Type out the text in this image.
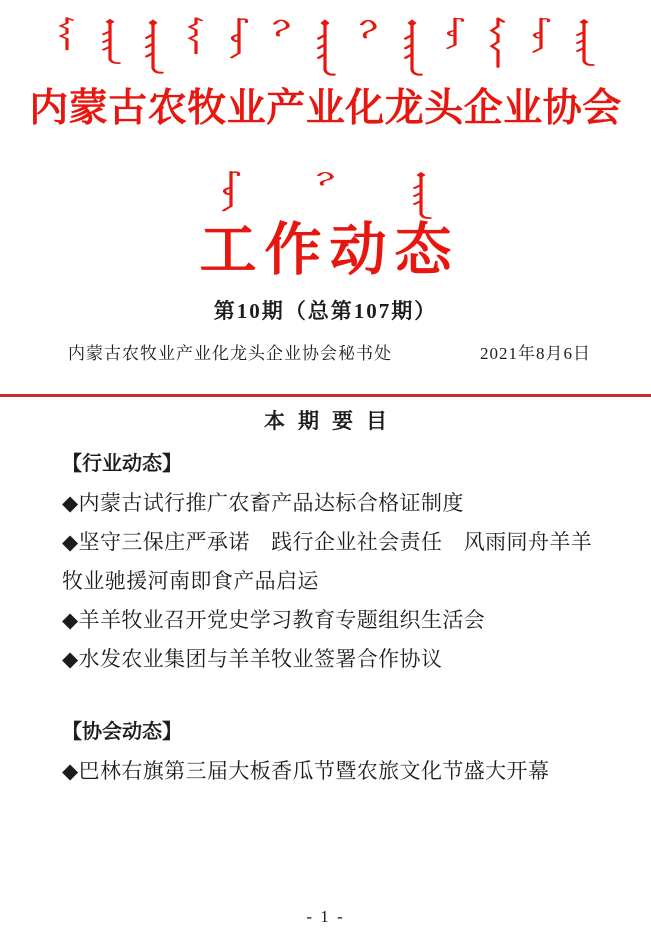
内蒙古农牧业产业化龙头企业协会
工作动态
第10期（总第107期）
内蒙古农牧业产业化龙头企业协会秘书处	2021年8月6日
本期要目
【行业动态】
◆内蒙古试行推广农畜产品达标合格证制度
◆坚守三保庄严承诺　践行企业社会责任　风雨同舟羊羊牧业驰援河南即食产品启运
◆羊羊牧业召开党史学习教育专题组织生活会
◆水发农业集团与羊羊牧业签署合作协议
【协会动态】
◆巴林右旗第三届大板香瓜节暨农旅文化节盛大开幕
- 1 -
